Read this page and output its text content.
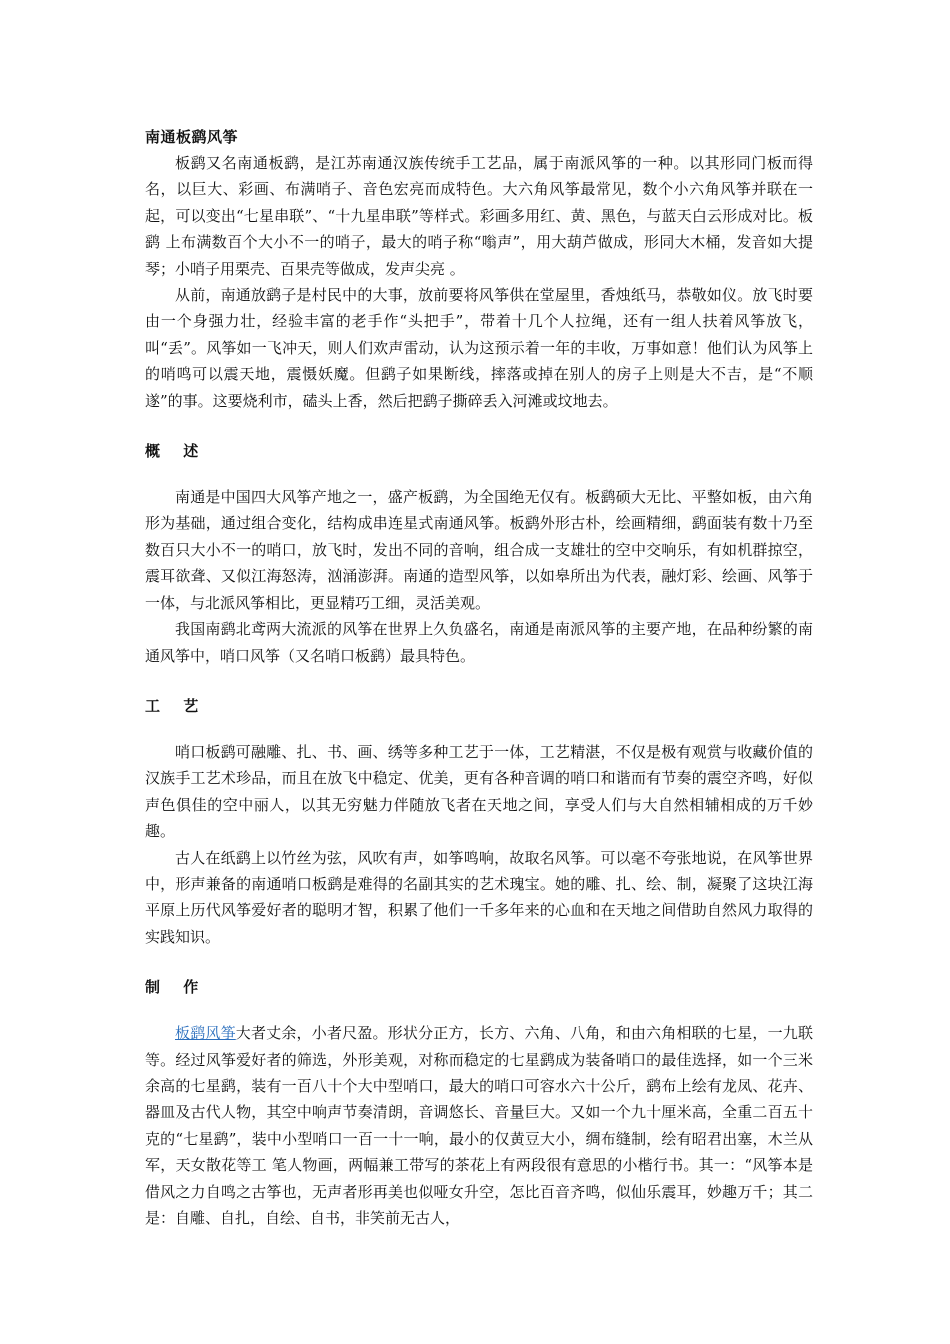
南通板鹞风筝

板鹞又名南通板鹞，是江苏南通汉族传统手工艺品，属于南派风筝的一种。以其形同门板而得名，以巨大、彩画、布满哨子、音色宏亮而成特色。大六角风筝最常见，数个小六角风筝并联在一起，可以变出“七星串联”、“十九星串联”等样式。彩画多用红、黄、黑色，与蓝天白云形成对比。板鹞 上布满数百个大小不一的哨子，最大的哨子称“嗡声”，用大葫芦做成，形同大木桶，发音如大提琴；小哨子用栗壳、百果壳等做成，发声尖亮 。

从前，南通放鹞子是村民中的大事，放前要将风筝供在堂屋里，香烛纸马，恭敬如仪。放飞时要由一个身强力壮，经验丰富的老手作“头把手”，带着十几个人拉绳，还有一组人扶着风筝放飞，叫“丢”。风筝如一飞冲天，则人们欢声雷动，认为这预示着一年的丰收，万事如意！他们认为风筝上的哨鸣可以震天地，震慑妖魔。但鹞子如果断线，摔落或掉在别人的房子上则是大不吉，是“不顺遂”的事。这要烧利市，磕头上香，然后把鹞子撕碎丢入河滩或坟地去。

概 述

南通是中国四大风筝产地之一，盛产板鹞，为全国绝无仅有。板鹞硕大无比、平整如板，由六角形为基础，通过组合变化，结构成串连星式南通风筝。板鹞外形古朴，绘画精细，鹞面装有数十乃至数百只大小不一的哨口，放飞时，发出不同的音响，组合成一支雄壮的空中交响乐，有如机群掠空，震耳欲聋、又似江海怒涛，汹涌澎湃。南通的造型风筝，以如皋所出为代表，融灯彩、绘画、风筝于一体，与北派风筝相比，更显精巧工细，灵活美观。

我国南鹞北鸢两大流派的风筝在世界上久负盛名，南通是南派风筝的主要产地，在品种纷繁的南通风筝中，哨口风筝（又名哨口板鹞）最具特色。

工 艺

哨口板鹞可融雕、扎、书、画、绣等多种工艺于一体，工艺精湛，不仅是极有观赏与收藏价值的汉族手工艺术珍品，而且在放飞中稳定、优美，更有各种音调的哨口和谐而有节奏的震空齐鸣，好似声色俱佳的空中丽人，以其无穷魅力伴随放飞者在天地之间，享受人们与大自然相辅相成的万千妙趣。

古人在纸鹞上以竹丝为弦，风吹有声，如筝鸣响，故取名风筝。可以毫不夸张地说，在风筝世界中，形声兼备的南通哨口板鹞是难得的名副其实的艺术瑰宝。她的雕、扎、绘、制，凝聚了这块江海平原上历代风筝爱好者的聪明才智，积累了他们一千多年来的心血和在天地之间借助自然风力取得的实践知识。

制 作

板鹞风筝大者丈余，小者尺盈。形状分正方，长方、六角、八角，和由六角相联的七星，一九联等。经过风筝爱好者的筛选，外形美观，对称而稳定的七星鹞成为装备哨口的最佳选择，如一个三米余高的七星鹞，装有一百八十个大中型哨口，最大的哨口可容水六十公斤，鹞布上绘有龙凤、花卉、器皿及古代人物，其空中响声节奏清朗，音调悠长、音量巨大。又如一个九十厘米高，全重二百五十克的“七星鹞”，装中小型哨口一百一十一响，最小的仅黄豆大小，绸布缝制，绘有昭君出塞，木兰从军，天女散花等工 笔人物画，两幅兼工带写的茶花上有两段很有意思的小楷行书。其一：“风筝本是借风之力自鸣之古筝也，无声者形再美也似哑女升空，怎比百音齐鸣，似仙乐震耳，妙趣万千；其二是：自雕、自扎，自绘、自书，非笑前无古人，
